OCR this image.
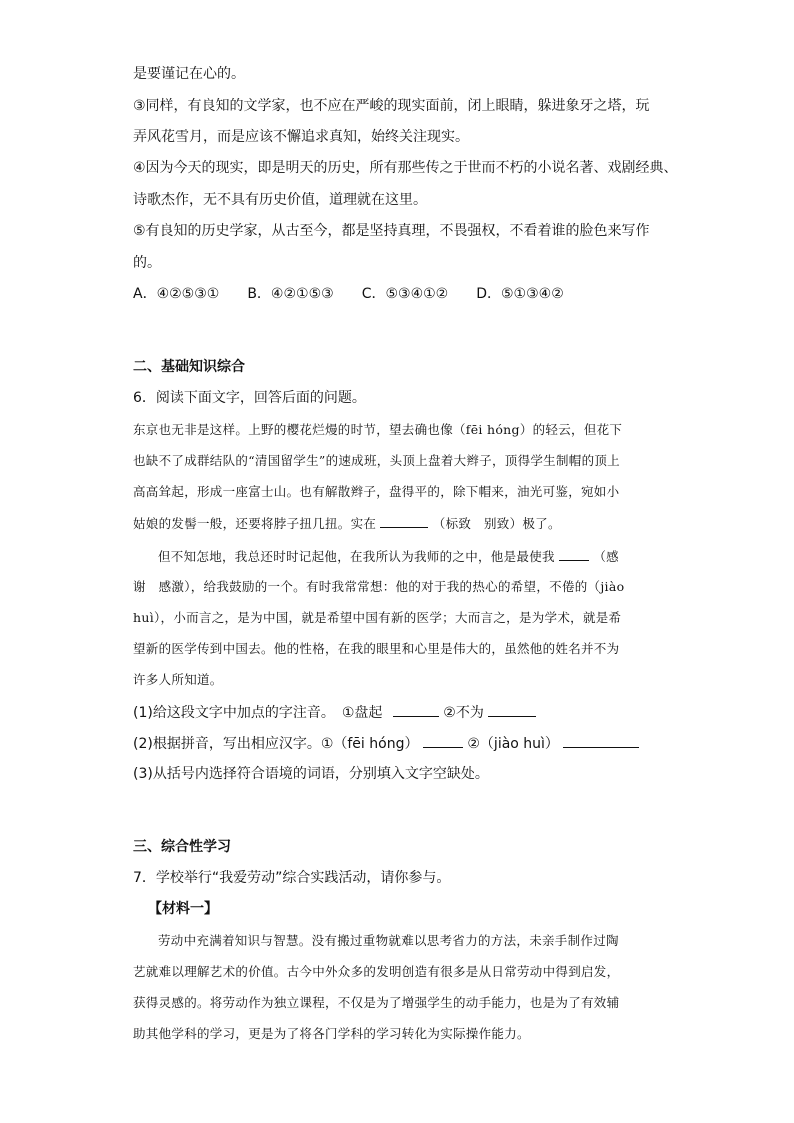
是要谨记在心的。
③同样，有良知的文学家，也不应在严峻的现实面前，闭上眼睛，躲进象牙之塔，玩
弄风花雪月，而是应该不懈追求真知，始终关注现实。
④因为今天的现实，即是明天的历史，所有那些传之于世而不朽的小说名著、戏剧经典、
诗歌杰作，无不具有历史价值，道理就在这里。
⑤有良知的历史学家，从古至今，都是坚持真理，不畏强权，不看着谁的脸色来写作
的。
A．④②⑤③①　　B．④②①⑤③　　C．⑤③④①②　　D．⑤①③④②
二、基础知识综合
6．阅读下面文字，回答后面的问题。
东京也无非是这样。上野的樱花烂熳的时节，望去确也像（fēi hóng）的轻云，但花下
也缺不了成群结队的“清国留学生”的速成班，头顶上盘着大辫子，顶得学生制帽的顶上
高高耸起，形成一座富士山。也有解散辫子，盘得平的，除下帽来，油光可鉴，宛如小
姑娘的发髻一般，还要将脖子扭几扭。实在	（标致　别致）极了。
但不知怎地，我总还时时记起他，在我所认为我师的之中，他是最使我	（感
谢　感激），给我鼓励的一个。有时我常常想：他的对于我的热心的希望，不倦的（jiào
huì），小而言之，是为中国，就是希望中国有新的医学；大而言之，是为学术，就是希
望新的医学传到中国去。他的性格，在我的眼里和心里是伟大的，虽然他的姓名并不为
许多人所知道。
(1)给这段文字中加点的字注音。　①盘起	②不为
(2)根据拼音，写出相应汉字。①（fēi hóng）	②（jiào huì）
(3)从括号内选择符合语境的词语，分别填入文字空缺处。
三、综合性学习
7．学校举行“我爱劳动”综合实践活动，请你参与。
【材料一】
劳动中充满着知识与智慧。没有搬过重物就难以思考省力的方法，未亲手制作过陶
艺就难以理解艺术的价值。古今中外众多的发明创造有很多是从日常劳动中得到启发，
获得灵感的。将劳动作为独立课程，不仅是为了增强学生的动手能力，也是为了有效辅
助其他学科的学习，更是为了将各门学科的学习转化为实际操作能力。
